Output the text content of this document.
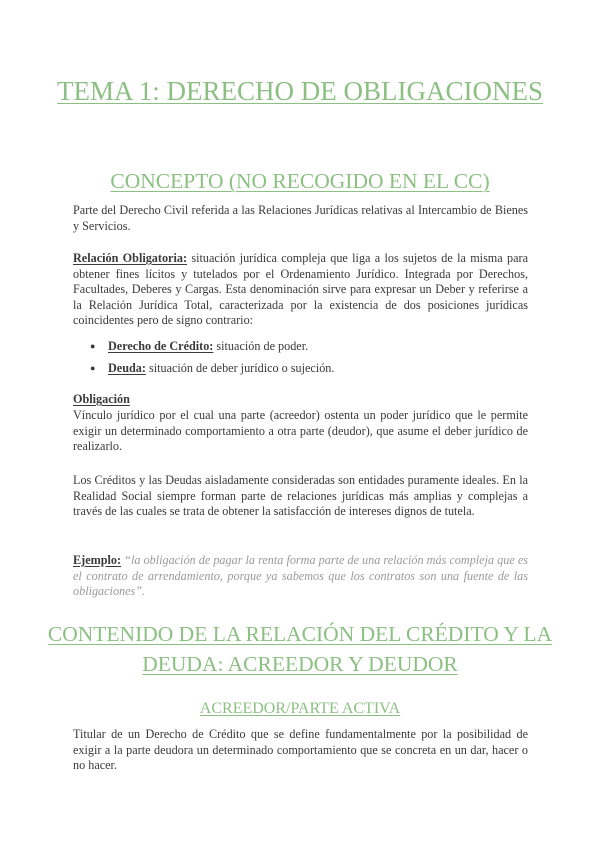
TEMA 1: DERECHO DE OBLIGACIONES
CONCEPTO (NO RECOGIDO EN EL CC)

Parte del Derecho Civil referida a las Relaciones Jurídicas relativas al Intercambio de Bienes y Servicios.

Relación Obligatoria: situación jurídica compleja que liga a los sujetos de la misma para obtener fines lícitos y tutelados por el Ordenamiento Jurídico. Integrada por Derechos, Facultades, Deberes y Cargas. Esta denominación sirve para expresar un Deber y referirse a la Relación Jurídica Total, caracterizada por la existencia de dos posiciones jurídicas coincidentes pero de signo contrario:

● Derecho de Crédito: situación de poder.
● Deuda: situación de deber jurídico o sujeción.

Obligación

Vínculo jurídico por el cual una parte (acreedor) ostenta un poder jurídico que le permite exigir un determinado comportamiento a otra parte (deudor), que asume el deber jurídico de realizarlo.

Los Créditos y las Deudas aisladamente consideradas son entidades puramente ideales. En la Realidad Social siempre forman parte de relaciones jurídicas más amplias y complejas a través de las cuales se trata de obtener la satisfacción de intereses dignos de tutela.

Ejemplo: “la obligación de pagar la renta forma parte de una relación más compleja que es el contrato de arrendamiento, porque ya sabemos que los contratos son una fuente de las obligaciones”.

CONTENIDO DE LA RELACIÓN DEL CRÉDITO Y LA DEUDA: ACREEDOR Y DEUDOR
ACREEDOR/PARTE ACTIVA

Titular de un Derecho de Crédito que se define fundamentalmente por la posibilidad de exigir a la parte deudora un determinado comportamiento que se concreta en un dar, hacer o no hacer.
